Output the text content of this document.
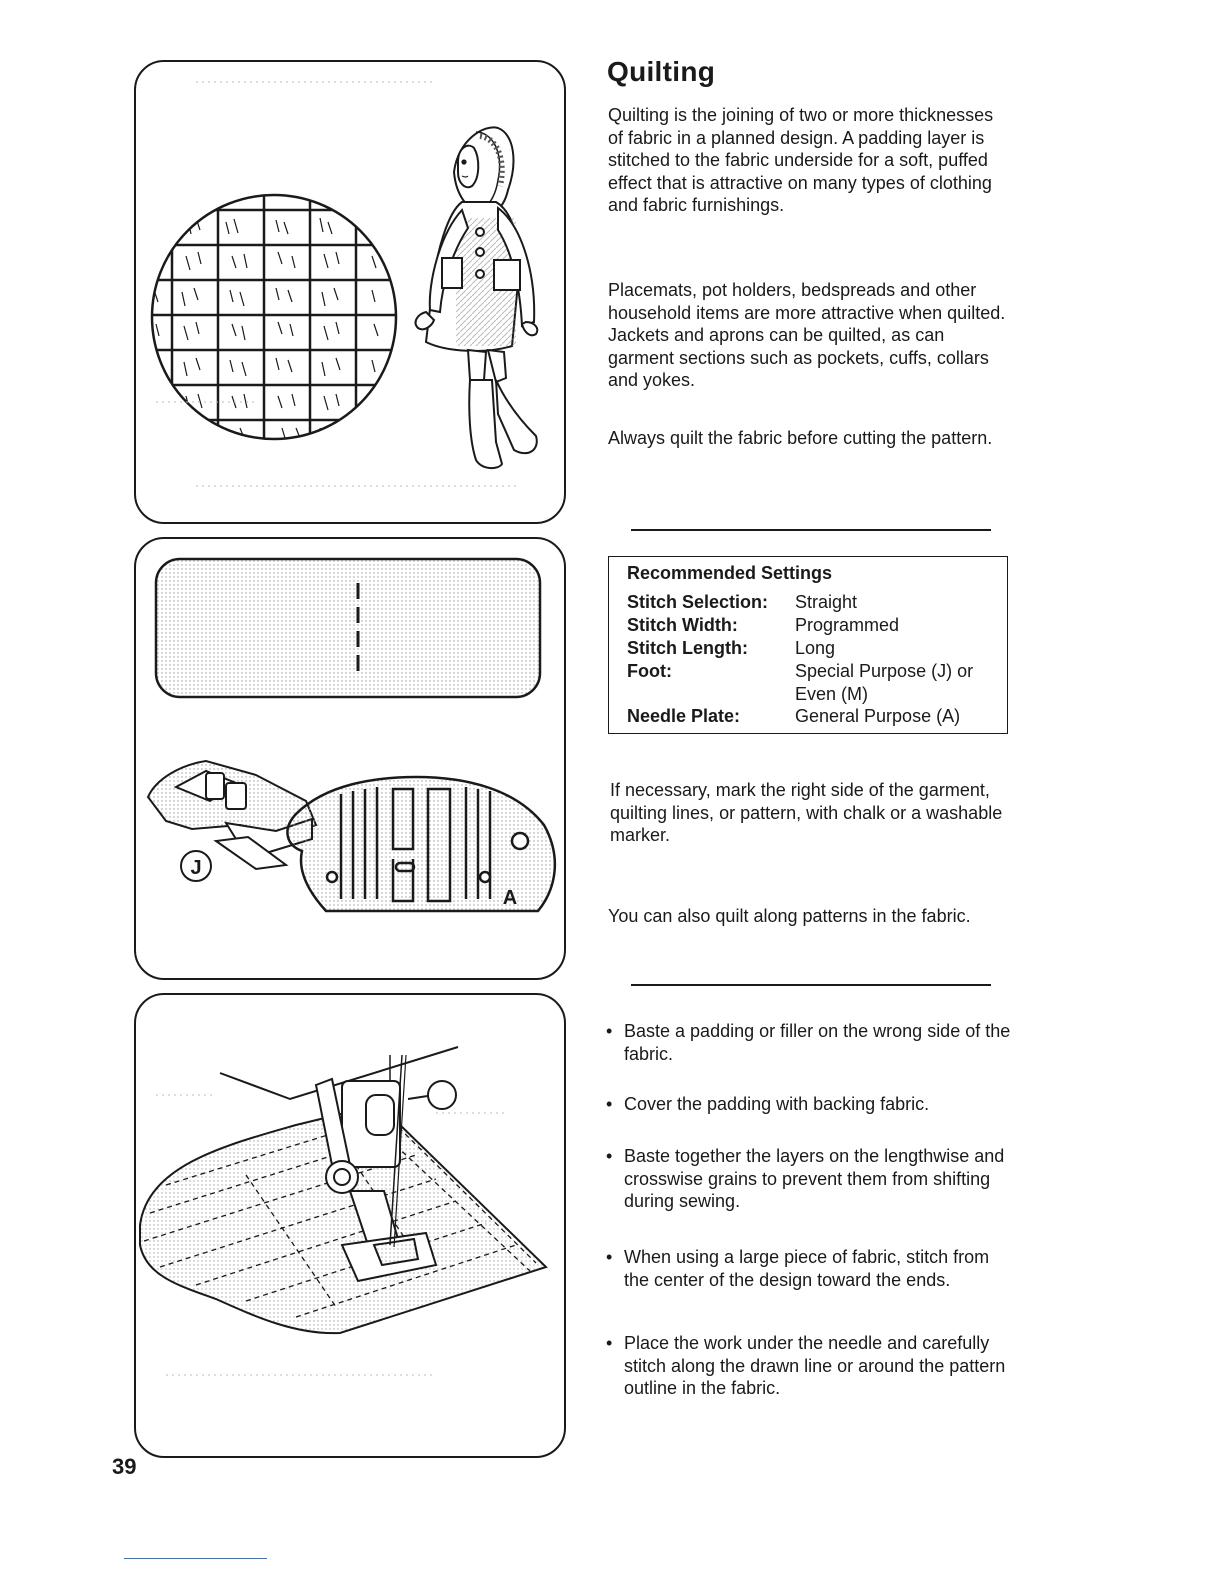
J
A
Quilting

Quilting is the joining of two or more thicknesses of fabric in a planned design. A padding layer is stitched to the fabric underside for a soft, puffed effect that is attractive on many types of clothing and fabric furnishings.

Placemats, pot holders, bedspreads and other household items are more attractive when quilted. Jackets and aprons can be quilted, as can garment sections such as pockets, cuffs, collars and yokes.

Always quilt the fabric before cutting the pattern.

Recommended Settings
Stitch Selection:	Straight
Stitch Width:	Programmed
Stitch Length:	Long
Foot:	Special Purpose (J) or Even (M)
Needle Plate:	General Purpose (A)

If necessary, mark the right side of the garment, quilting lines, or pattern, with chalk or a washable marker.

You can also quilt along patterns in the fabric.

• Baste a padding or filler on the wrong side of the fabric.
• Cover the padding with backing fabric.
• Baste together the layers on the lengthwise and crosswise grains to prevent them from shifting during sewing.
• When using a large piece of fabric, stitch from the center of the design toward the ends.
• Place the work under the needle and carefully stitch along the drawn line or around the pattern outline in the fabric.

39
